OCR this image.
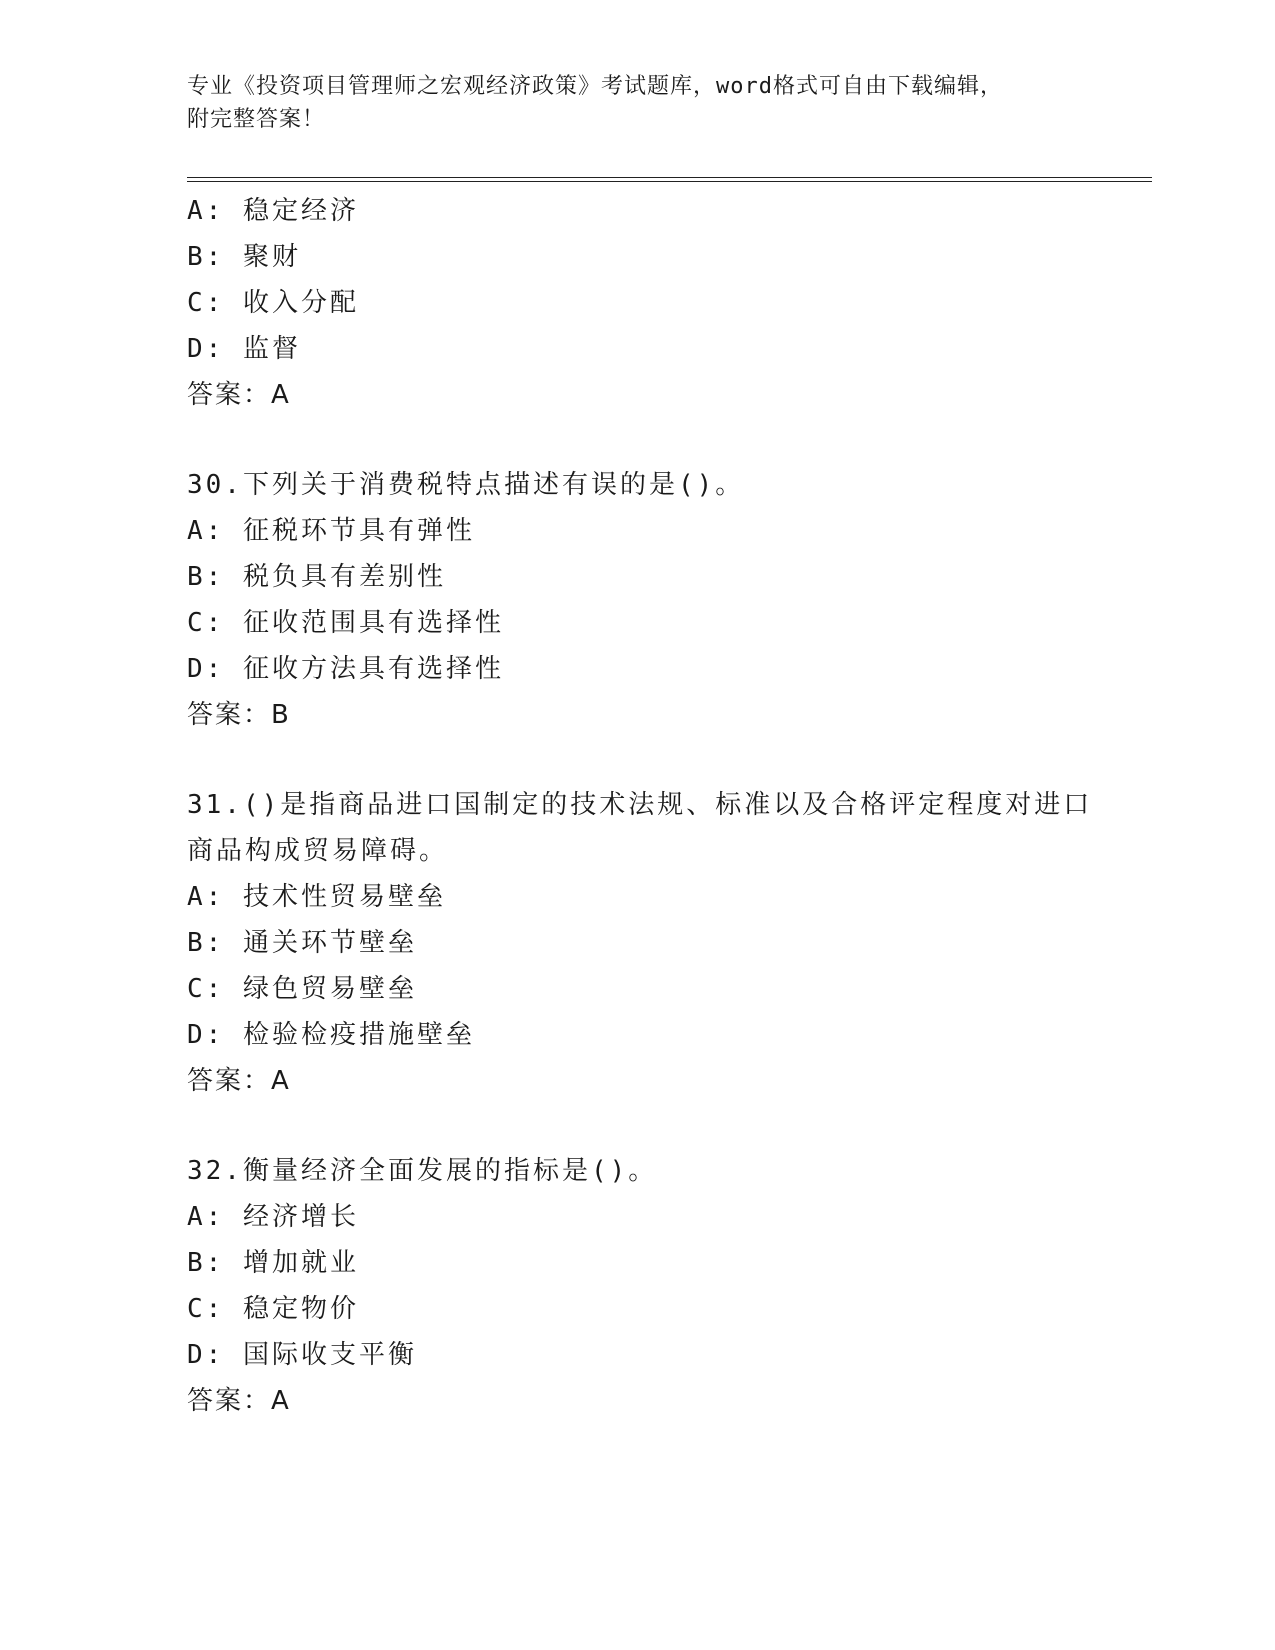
专业《投资项目管理师之宏观经济政策》考试题库，word格式可自由下载编辑，
附完整答案！
A: 稳定经济
B: 聚财
C: 收入分配
D: 监督
答案：A
30.下列关于消费税特点描述有误的是()。
A: 征税环节具有弹性
B: 税负具有差别性
C: 征收范围具有选择性
D: 征收方法具有选择性
答案：B
31.()是指商品进口国制定的技术法规、标准以及合格评定程度对进口
商品构成贸易障碍。
A: 技术性贸易壁垒
B: 通关环节壁垒
C: 绿色贸易壁垒
D: 检验检疫措施壁垒
答案：A
32.衡量经济全面发展的指标是()。
A: 经济增长
B: 增加就业
C: 稳定物价
D: 国际收支平衡
答案：A
